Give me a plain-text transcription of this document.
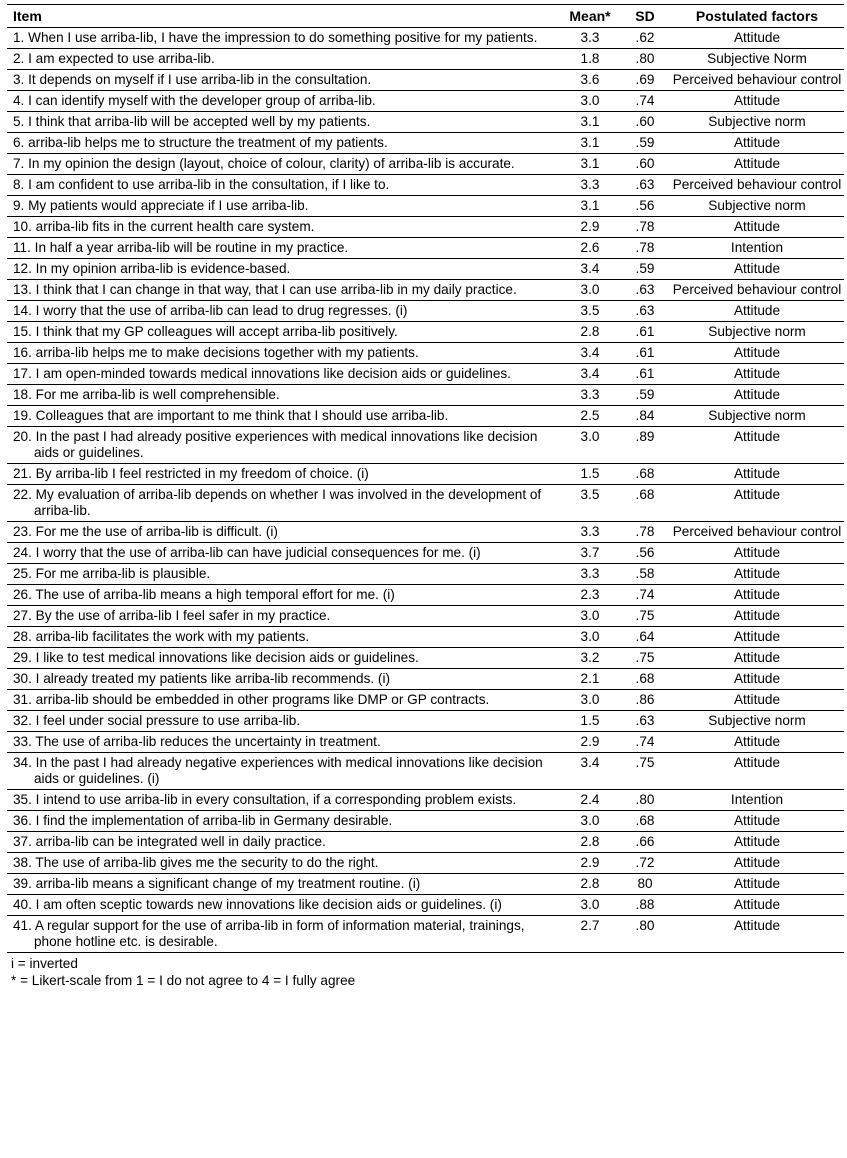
Item	Mean*	SD	Postulated factors

1. When I use arriba-lib, I have the impression to do something positive for my patients.	3.3	.62	Attitude

2. I am expected to use arriba-lib.	1.8	.80	Subjective Norm

3. It depends on myself if I use arriba-lib in the consultation.	3.6	.69	Perceived behaviour control

4. I can identify myself with the developer group of arriba-lib.	3.0	.74	Attitude

5. I think that arriba-lib will be accepted well by my patients.	3.1	.60	Subjective norm

6. arriba-lib helps me to structure the treatment of my patients.	3.1	.59	Attitude

7. In my opinion the design (layout, choice of colour, clarity) of arriba-lib is accurate.	3.1	.60	Attitude

8. I am confident to use arriba-lib in the consultation, if I like to.	3.3	.63	Perceived behaviour control

9. My patients would appreciate if I use arriba-lib.	3.1	.56	Subjective norm

10. arriba-lib fits in the current health care system.	2.9	.78	Attitude

11. In half a year arriba-lib will be routine in my practice.	2.6	.78	Intention

12. In my opinion arriba-lib is evidence-based.	3.4	.59	Attitude

13. I think that I can change in that way, that I can use arriba-lib in my daily practice.	3.0	.63	Perceived behaviour control

14. I worry that the use of arriba-lib can lead to drug regresses. (i)	3.5	.63	Attitude

15. I think that my GP colleagues will accept arriba-lib positively.	2.8	.61	Subjective norm

16. arriba-lib helps me to make decisions together with my patients.	3.4	.61	Attitude

17. I am open-minded towards medical innovations like decision aids or guidelines.	3.4	.61	Attitude

18. For me arriba-lib is well comprehensible.	3.3	.59	Attitude

19. Colleagues that are important to me think that I should use arriba-lib.	2.5	.84	Subjective norm

20. In the past I had already positive experiences with medical innovations like decision aids or guidelines.	3.0	.89	Attitude

21. By arriba-lib I feel restricted in my freedom of choice. (i)	1.5	.68	Attitude

22. My evaluation of arriba-lib depends on whether I was involved in the development of arriba-lib.	3.5	.68	Attitude

23. For me the use of arriba-lib is difficult. (i)	3.3	.78	Perceived behaviour control

24. I worry that the use of arriba-lib can have judicial consequences for me. (i)	3.7	.56	Attitude

25. For me arriba-lib is plausible.	3.3	.58	Attitude

26. The use of arriba-lib means a high temporal effort for me. (i)	2.3	.74	Attitude

27. By the use of arriba-lib I feel safer in my practice.	3.0	.75	Attitude

28. arriba-lib facilitates the work with my patients.	3.0	.64	Attitude

29. I like to test medical innovations like decision aids or guidelines.	3.2	.75	Attitude

30. I already treated my patients like arriba-lib recommends. (i)	2.1	.68	Attitude

31. arriba-lib should be embedded in other programs like DMP or GP contracts.	3.0	.86	Attitude

32. I feel under social pressure to use arriba-lib.	1.5	.63	Subjective norm

33. The use of arriba-lib reduces the uncertainty in treatment.	2.9	.74	Attitude

34. In the past I had already negative experiences with medical innovations like decision aids or guidelines. (i)	3.4	.75	Attitude

35. I intend to use arriba-lib in every consultation, if a corresponding problem exists.	2.4	.80	Intention

36. I find the implementation of arriba-lib in Germany desirable.	3.0	.68	Attitude

37. arriba-lib can be integrated well in daily practice.	2.8	.66	Attitude

38. The use of arriba-lib gives me the security to do the right.	2.9	.72	Attitude

39. arriba-lib means a significant change of my treatment routine. (i)	2.8	80	Attitude

40. I am often sceptic towards new innovations like decision aids or guidelines. (i)	3.0	.88	Attitude

41. A regular support for the use of arriba-lib in form of information material, trainings, phone hotline etc. is desirable.	2.7	.80	Attitude
i = inverted
* = Likert-scale from 1 = I do not agree to 4 = I fully agree
